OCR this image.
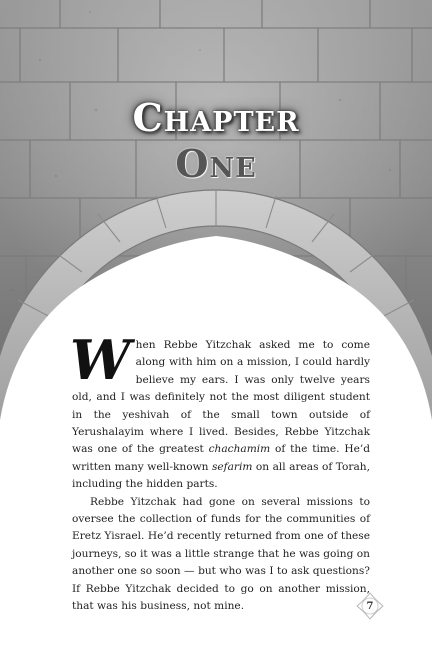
Chapter
One

When Rebbe Yitzchak asked me to come along with him on a mission, I could hardly believe my ears. I was only twelve years old, and I was definitely not the most diligent student in the yeshivah of the small town outside of Yerushalayim where I lived. Besides, Rebbe Yitzchak was one of the greatest chachamim of the time. He’d written many well-known sefarim on all areas of Torah, including the hidden parts.

Rebbe Yitzchak had gone on several missions to oversee the collection of funds for the communities of Eretz Yisrael. He’d recently returned from one of these journeys, so it was a little strange that he was going on another one so soon — but who was I to ask questions? If Rebbe Yitzchak decided to go on another mission, that was his business, not mine.	7
